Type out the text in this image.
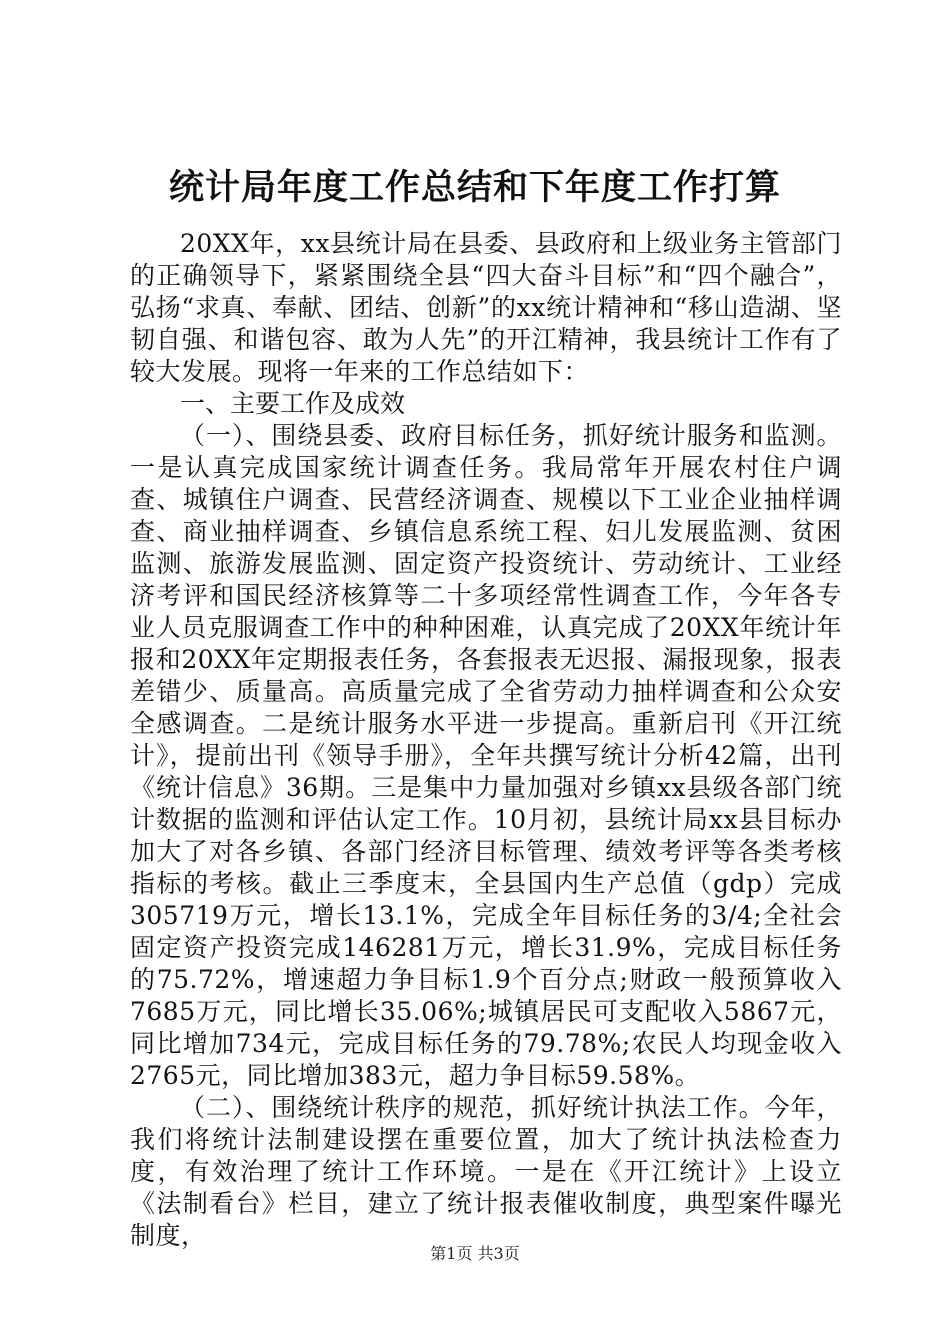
统计局年度工作总结和下年度工作打算

20XX年，xx县统计局在县委、县政府和上级业务主管部门的正确领导下，紧紧围绕全县“四大奋斗目标”和“四个融合”，弘扬“求真、奉献、团结、创新”的xx统计精神和“移山造湖、坚韧自强、和谐包容、敢为人先”的开江精神，我县统计工作有了较大发展。现将一年来的工作总结如下：

一、主要工作及成效

（一）、围绕县委、政府目标任务，抓好统计服务和监测。一是认真完成国家统计调查任务。我局常年开展农村住户调查、城镇住户调查、民营经济调查、规模以下工业企业抽样调查、商业抽样调查、乡镇信息系统工程、妇儿发展监测、贫困监测、旅游发展监测、固定资产投资统计、劳动统计、工业经济考评和国民经济核算等二十多项经常性调查工作，今年各专业人员克服调查工作中的种种困难，认真完成了20XX年统计年报和20XX年定期报表任务，各套报表无迟报、漏报现象，报表差错少、质量高。高质量完成了全省劳动力抽样调查和公众安全感调查。二是统计服务水平进一步提高。重新启刊《开江统计》，提前出刊《领导手册》，全年共撰写统计分析42篇，出刊《统计信息》36期。三是集中力量加强对乡镇xx县级各部门统计数据的监测和评估认定工作。10月初，县统计局xx县目标办加大了对各乡镇、各部门经济目标管理、绩效考评等各类考核指标的考核。截止三季度末，全县国内生产总值（gdp）完成305719万元，增长13.1%，完成全年目标任务的3/4;全社会固定资产投资完成146281万元，增长31.9%，完成目标任务的75.72%，增速超力争目标1.9个百分点;财政一般预算收入7685万元，同比增长35.06%;城镇居民可支配收入5867元，同比增加734元，完成目标任务的79.78%;农民人均现金收入2765元，同比增加383元，超力争目标59.58%。

（二）、围绕统计秩序的规范，抓好统计执法工作。今年，我们将统计法制建设摆在重要位置，加大了统计执法检查力度，有效治理了统计工作环境。一是在《开江统计》上设立《法制看台》栏目，建立了统计报表催收制度，典型案件曝光制度，

第1页 共3页
